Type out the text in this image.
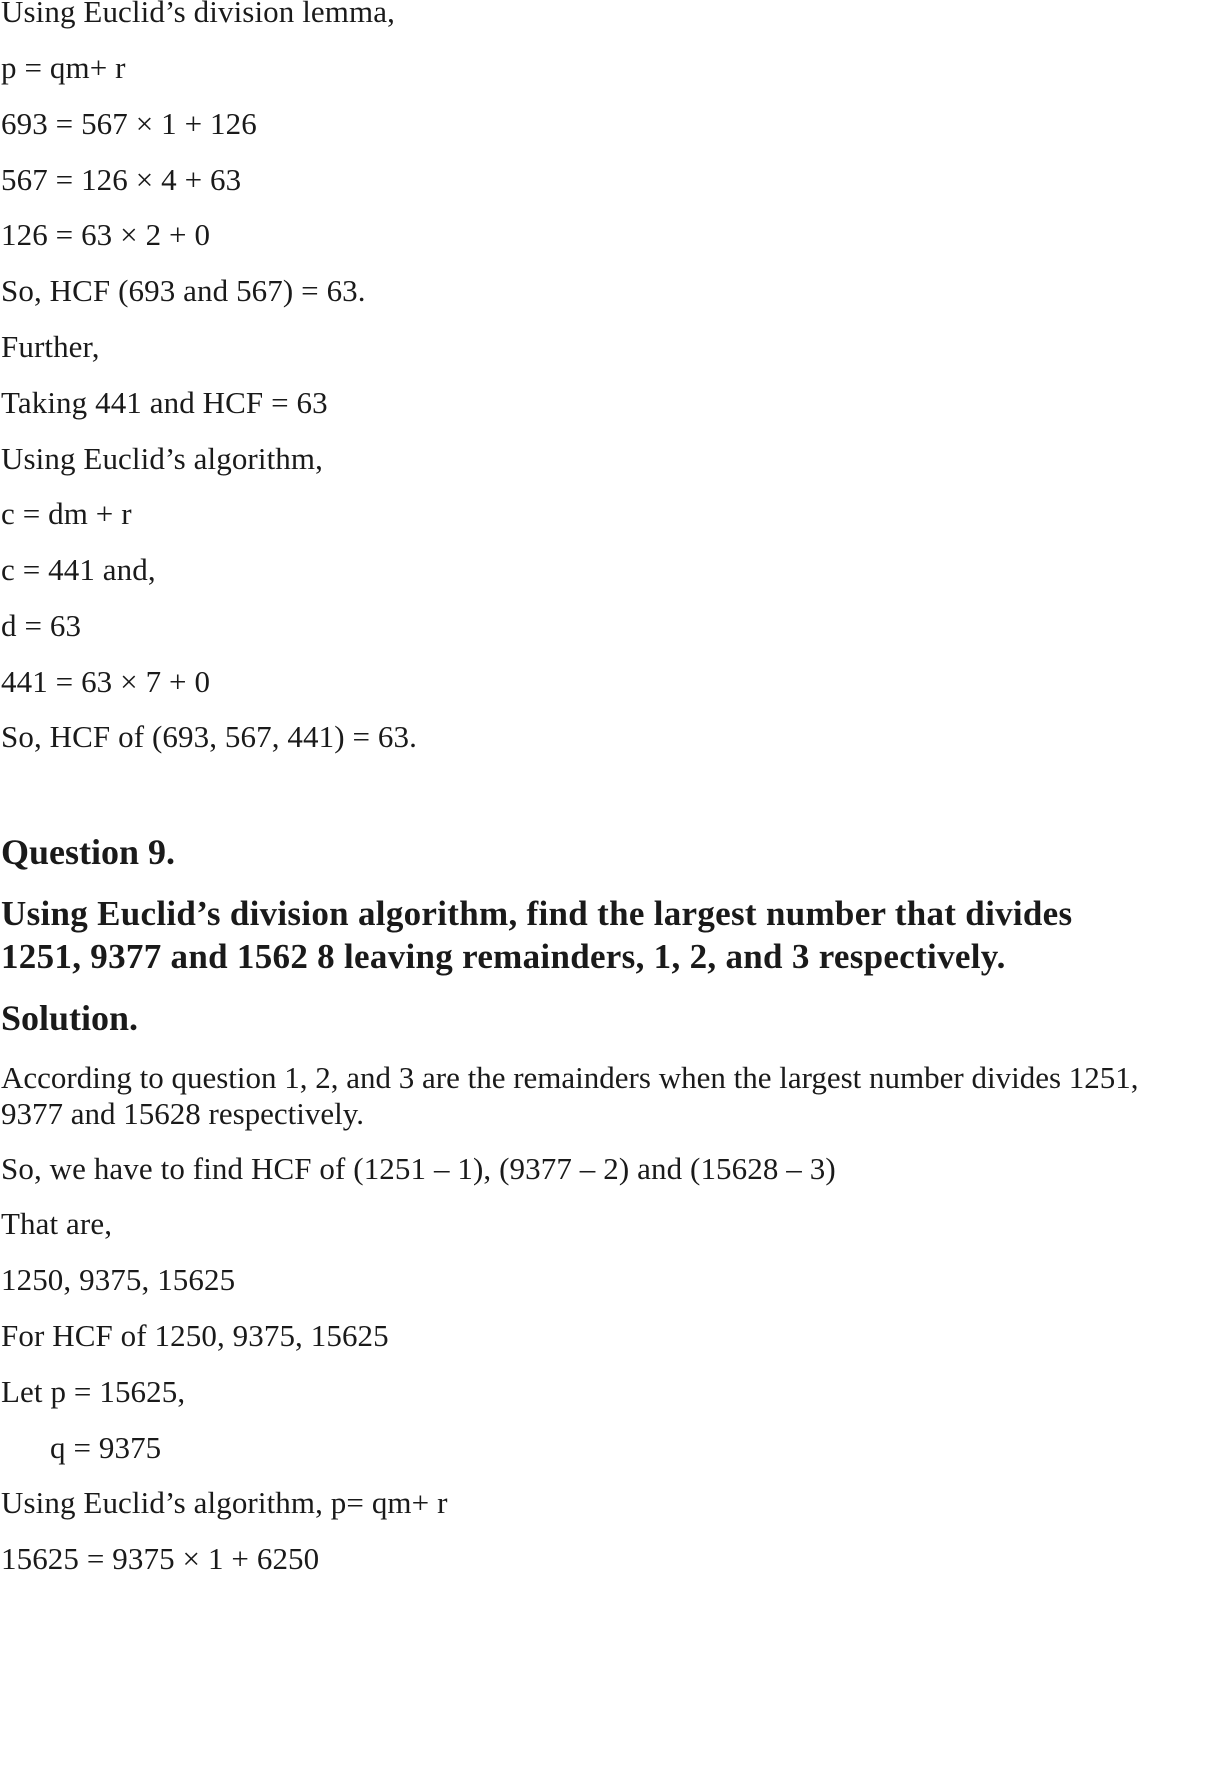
Using Euclid’s division lemma,

p = qm+ r

693 = 567 × 1 + 126

567 = 126 × 4 + 63

126 = 63 × 2 + 0

So, HCF (693 and 567) = 63.

Further,

Taking 441 and HCF = 63

Using Euclid’s algorithm,

c = dm + r

c = 441 and,

d = 63

441 = 63 × 7 + 0

So, HCF of (693, 567, 441) = 63.

Question 9.

Using Euclid’s division algorithm, find the largest number that divides

1251, 9377 and 1562 8 leaving remainders, 1, 2, and 3 respectively.

Solution.

According to question 1, 2, and 3 are the remainders when the largest number divides 1251,

9377 and 15628 respectively.

So, we have to find HCF of (1251 – 1), (9377 – 2) and (15628 – 3)

That are,

1250, 9375, 15625

For HCF of 1250, 9375, 15625

Let p = 15625,

q = 9375

Using Euclid’s algorithm, p= qm+ r

15625 = 9375 × 1 + 6250
